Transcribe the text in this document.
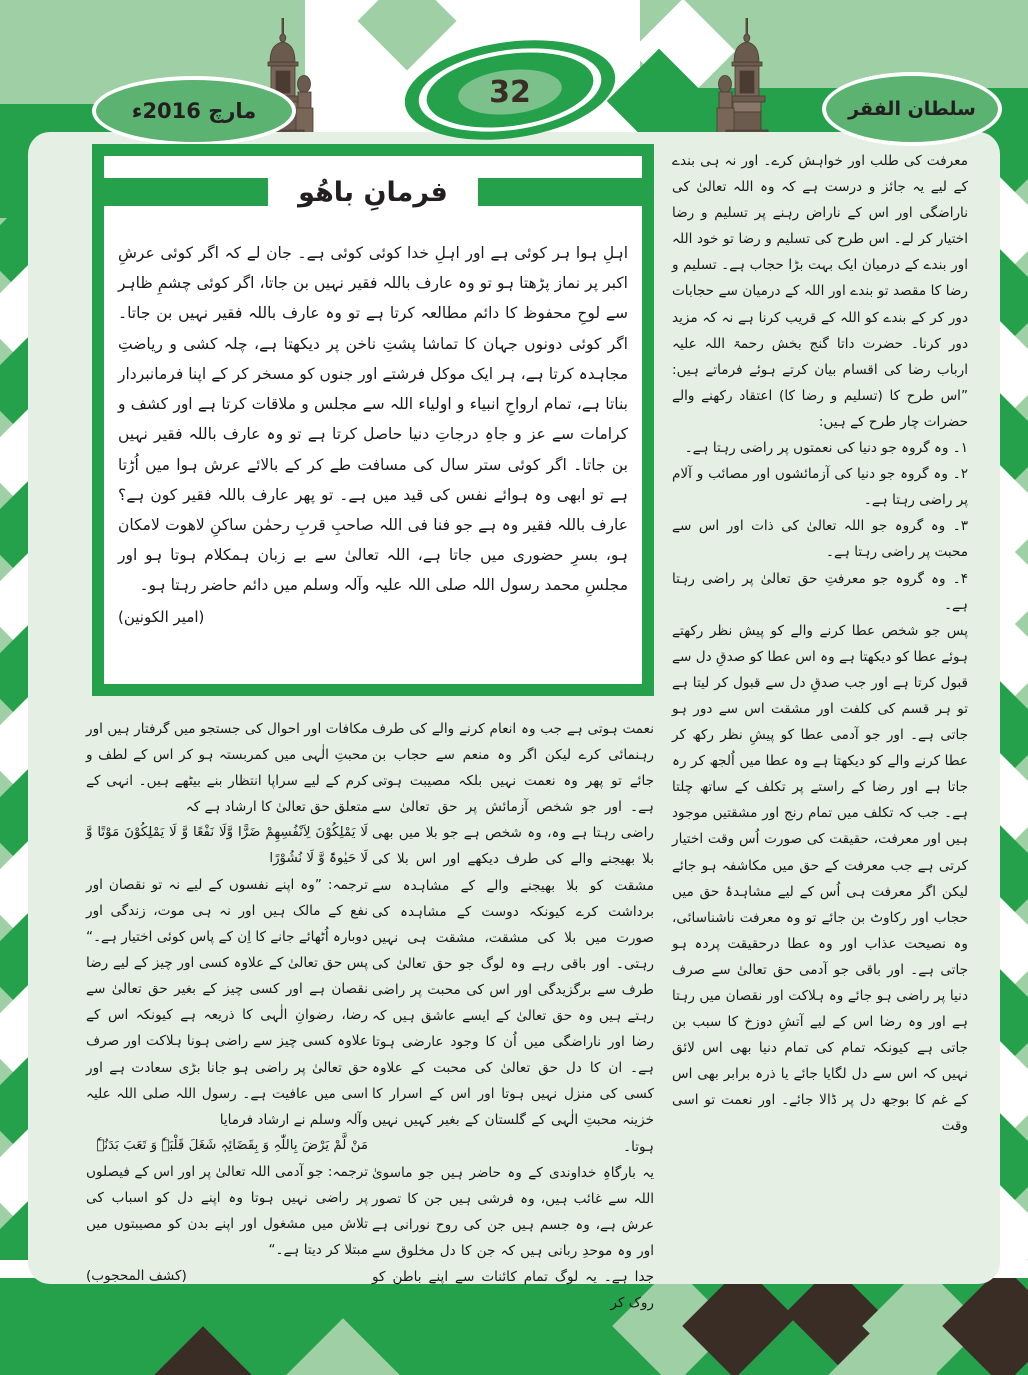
مارچ 2016ء
32	سلطان الفقر
فرمانِ باھُو

اہلِ ہوا ہر کوئی ہے اور اہلِ خدا کوئی کوئی ہے۔ جان لے کہ اگر کوئی عرشِ اکبر پر نماز پڑھتا ہو تو وہ عارف باللہ فقیر نہیں بن جاتا، اگر کوئی چشمِ ظاہر سے لوحِ محفوظ کا دائم مطالعہ کرتا ہے تو وہ عارف باللہ فقیر نہیں بن جاتا۔ اگر کوئی دونوں جہان کا تماشا پشتِ ناخن پر دیکھتا ہے، چلہ کشی و ریاضتِ مجاہدہ کرتا ہے، ہر ایک موکل فرشتے اور جنوں کو مسخر کر کے اپنا فرمانبردار بناتا ہے، تمام ارواحِ انبیاء و اولیاء اللہ سے مجلس و ملاقات کرتا ہے اور کشف و کرامات سے عز و جاہِ درجاتِ دنیا حاصل کرتا ہے تو وہ عارف باللہ فقیر نہیں بن جاتا۔ اگر کوئی ستر سال کی مسافت طے کر کے بالائے عرش ہوا میں اُڑتا ہے تو ابھی وہ ہوائے نفس کی قید میں ہے۔ تو پھر عارف باللہ فقیر کون ہے؟ عارف باللہ فقیر وہ ہے جو فنا فی اللہ صاحبِ قربِ رحمٰن ساکنِ لاھوت لامکان ہو، بسرِ حضوری میں جاتا ہے، اللہ تعالیٰ سے بے زبان ہمکلام ہوتا ہو اور مجلسِ محمد رسول اللہ صلی اللہ علیہ وآلہ وسلم میں دائم حاضر رہتا ہو۔

(امیر الکونین)

معرفت کی طلب اور خواہش کرے۔ اور نہ ہی بندے کے لیے یہ جائز و درست ہے کہ وہ اللہ تعالیٰ کی ناراضگی اور اس کے ناراض رہنے پر تسلیم و رضا اختیار کر لے۔ اس طرح کی تسلیم و رضا تو خود اللہ اور بندے کے درمیان ایک بہت بڑا حجاب ہے۔ تسلیم و رضا کا مقصد تو بندے اور اللہ کے درمیان سے حجابات دور کر کے بندے کو اللہ کے قریب کرنا ہے نہ کہ مزید دور کرنا۔ حضرت داتا گنج بخش رحمۃ اللہ علیہ ارباب رضا کی اقسام بیان کرتے ہوئے فرماتے ہیں: ”اس طرح کا (تسلیم و رضا کا) اعتقاد رکھنے والے حضرات چار طرح کے ہیں:

۱۔ وہ گروہ جو دنیا کی نعمتوں پر راضی رہتا ہے۔
۲۔ وہ گروہ جو دنیا کی آزمائشوں اور مصائب و آلام پر راضی رہتا ہے۔
۳۔ وہ گروہ جو اللہ تعالیٰ کی ذات اور اس سے محبت پر راضی رہتا ہے۔
۴۔ وہ گروہ جو معرفتِ حق تعالیٰ پر راضی رہتا ہے۔

پس جو شخص عطا کرنے والے کو پیش نظر رکھتے ہوئے عطا کو دیکھتا ہے وہ اس عطا کو صدقِ دل سے قبول کرتا ہے اور جب صدقِ دل سے قبول کر لیتا ہے تو ہر قسم کی کلفت اور مشقت اس سے دور ہو جاتی ہے۔ اور جو آدمی عطا کو پیشِ نظر رکھ کر عطا کرنے والے کو دیکھتا ہے وہ عطا میں اُلجھ کر رہ جاتا ہے اور رضا کے راستے پر تکلف کے ساتھ چلتا ہے۔ جب کہ تکلف میں تمام رنج اور مشقتیں موجود ہیں اور معرفت، حقیقت کی صورت اُس وقت اختیار کرتی ہے جب معرفت کے حق میں مکاشفہ ہو جائے لیکن اگر معرفت ہی اُس کے لیے مشاہدۂ حق میں حجاب اور رکاوٹ بن جائے تو وہ معرفت ناشناسائی، وہ نصیحت عذاب اور وہ عطا درحقیقت پردہ ہو جاتی ہے۔ اور باقی جو آدمی حق تعالیٰ سے صرف دنیا پر راضی ہو جائے وہ ہلاکت اور نقصان میں رہتا ہے اور وہ رضا اس کے لیے آتشِ دوزخ کا سبب بن جاتی ہے کیونکہ تمام کی تمام دنیا بھی اس لائق نہیں کہ اس سے دل لگایا جائے یا ذرہ برابر بھی اس کے غم کا بوجھ دل پر ڈالا جائے۔ اور نعمت تو اسی وقت

نعمت ہوتی ہے جب وہ انعام کرنے والے کی طرف رہنمائی کرے لیکن اگر وہ منعم سے حجاب بن جائے تو پھر وہ نعمت نہیں بلکہ مصیبت ہوتی ہے۔ اور جو شخص آزمائش پر حق تعالیٰ سے راضی رہتا ہے وہ، وہ شخص ہے جو بلا میں بھی بلا بھیجنے والے کی طرف دیکھے اور اس بلا کی مشقت کو بلا بھیجنے والے کے مشاہدہ سے برداشت کرے کیونکہ دوست کے مشاہدہ کی صورت میں بلا کی مشقت، مشقت ہی نہیں رہتی۔ اور باقی رہے وہ لوگ جو حق تعالیٰ کی طرف سے برگزیدگی اور اس کی محبت پر راضی رہتے ہیں وہ حق تعالیٰ کے ایسے عاشق ہیں کہ رضا اور ناراضگی میں اُن کا وجود عارضی ہوتا ہے۔ ان کا دل حق تعالیٰ کی محبت کے علاوہ کسی کی منزل نہیں ہوتا اور اس کے اسرار کا خزینہ محبتِ الٰہی کے گلستان کے بغیر کہیں نہیں ہوتا۔

یہ بارگاہِ خداوندی کے وہ حاضر ہیں جو ماسویٰ اللہ سے غائب ہیں، وہ فرشی ہیں جن کا تصور عرش ہے، وہ جسم ہیں جن کی روح نورانی ہے اور وہ موحدِ ربانی ہیں کہ جن کا دل مخلوق سے جدا ہے۔ یہ لوگ تمام کائنات سے اپنے باطن کو روک کر

مکافات اور احوال کی جستجو میں گرفتار ہیں اور محبتِ الٰہی میں کمربستہ ہو کر اس کے لطف و کرم کے لیے سراپا انتظار بنے بیٹھے ہیں۔ انہی کے متعلق حق تعالیٰ کا ارشاد ہے کہ

لَا یَمْلِکُوْنَ لِاَنْفُسِھِمْ ضَرًّا وَّلَا نَفْعًا وَّ لَا یَمْلِکُوْنَ مَوْتًا وَّ لَا حَیٰوۃً وَّ لَا نُشُوْرًا

ترجمہ:

”وہ اپنے نفسوں کے لیے نہ تو نقصان اور نفع کے مالک ہیں اور نہ ہی موت، زندگی اور دوبارہ اُٹھائے جانے کا اِن کے پاس کوئی اختیار ہے۔“

پس حق تعالیٰ کے علاوہ کسی اور چیز کے لیے رضا نقصان ہے اور کسی چیز کے بغیر حق تعالیٰ سے رضا، رضوانِ الٰہی کا ذریعہ ہے کیونکہ اس کے علاوہ کسی چیز سے راضی ہونا ہلاکت اور صرف حق تعالیٰ پر راضی ہو جانا بڑی سعادت ہے اور اسی میں عافیت ہے۔ رسول اللہ صلی اللہ علیہ وآلہ وسلم نے ارشاد فرمایا

مَنْ لَّمْ یَرْضَ بِاللّٰہِ وَ بِقَضَائِہٖ شَغَلَ قَلْبَہٗ وَ تَعَبَ بَدَنُہٗ

ترجمہ:

جو آدمی اللہ تعالیٰ پر اور اس کے فیصلوں پر راضی نہیں ہوتا وہ اپنے دل کو اسباب کی تلاش میں مشغول اور اپنے بدن کو مصیبتوں میں مبتلا کر دیتا ہے۔“

(کشف المحجوب)
